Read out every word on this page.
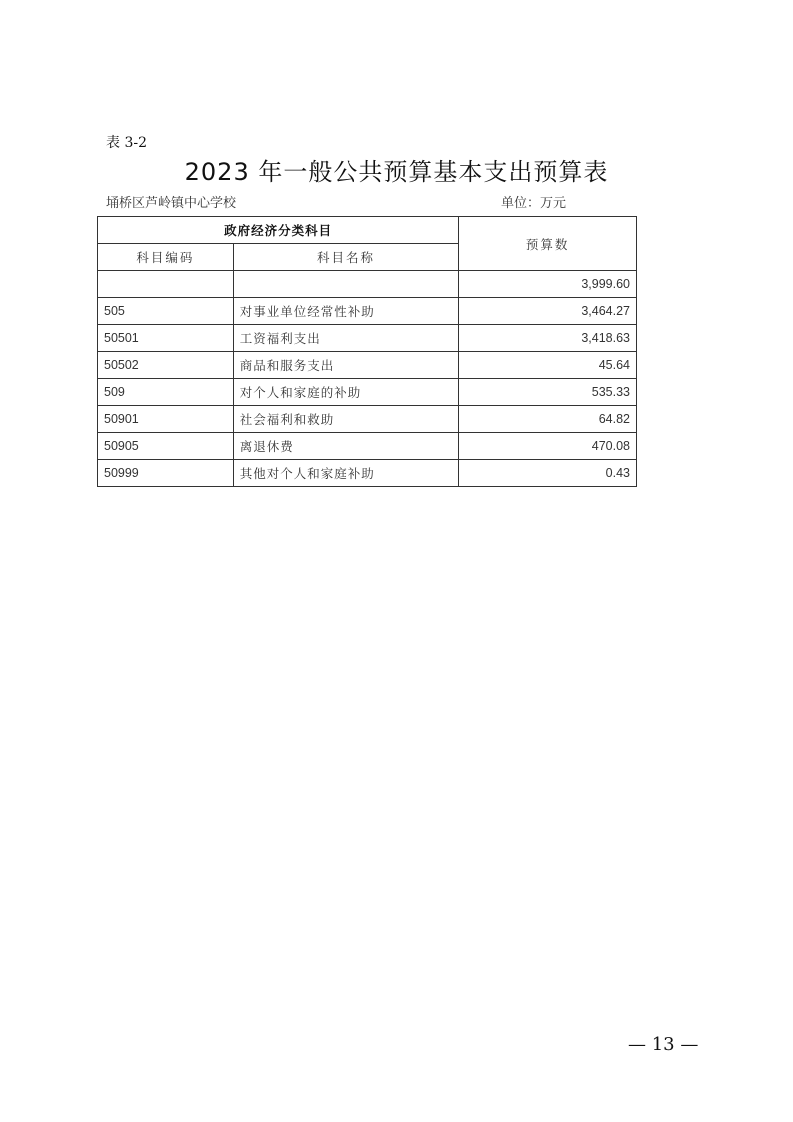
表 3-2
2023 年一般公共预算基本支出预算表
埇桥区芦岭镇中心学校	单位：万元
政府经济分类科目		预算数
科目编码	科目名称	
		3,999.60
505	对事业单位经常性补助	3,464.27
50501	工资福利支出	3,418.63
50502	商品和服务支出	45.64
509	对个人和家庭的补助	535.33
50901	社会福利和救助	64.82
50905	离退休费	470.08
50999	其他对个人和家庭补助	0.43
— 13 —
